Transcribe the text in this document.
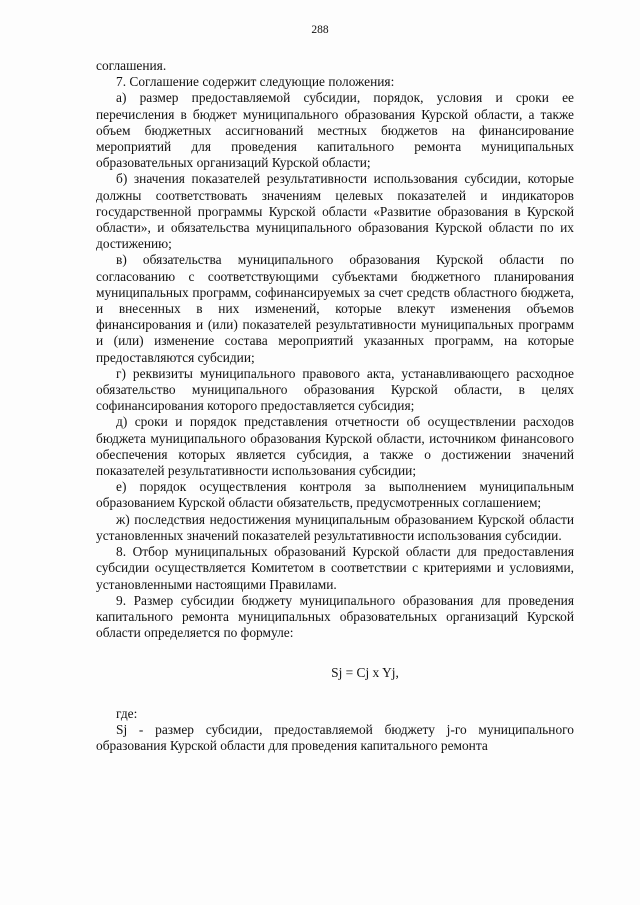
288

соглашения.

7. Соглашение содержит следующие положения:

а) размер предоставляемой субсидии, порядок, условия и сроки ее перечисления в бюджет муниципального образования Курской области, а также объем бюджетных ассигнований местных бюджетов на финансирование мероприятий для проведения капитального ремонта муниципальных образовательных организаций Курской области;

б) значения показателей результативности использования субсидии, которые должны соответствовать значениям целевых показателей и индикаторов государственной программы Курской области «Развитие образования в Курской области», и обязательства муниципального образования Курской области по их достижению;

в) обязательства муниципального образования Курской области по согласованию с соответствующими субъектами бюджетного планирования муниципальных программ, софинансируемых за счет средств областного бюджета, и внесенных в них изменений, которые влекут изменения объемов финансирования и (или) показателей результативности муниципальных программ и (или) изменение состава мероприятий указанных программ, на которые предоставляются субсидии;

г) реквизиты муниципального правового акта, устанавливающего расходное обязательство муниципального образования Курской области, в целях софинансирования которого предоставляется субсидия;

д) сроки и порядок представления отчетности об осуществлении расходов бюджета муниципального образования Курской области, источником финансового обеспечения которых является субсидия, а также о достижении значений показателей результативности использования субсидии;

е) порядок осуществления контроля за выполнением муниципальным образованием Курской области обязательств, предусмотренных соглашением;

ж) последствия недостижения муниципальным образованием Курской области установленных значений показателей результативности использования субсидии.

8. Отбор муниципальных образований Курской области для предоставления субсидии осуществляется Комитетом в соответствии с критериями и условиями, установленными настоящими Правилами.

9. Размер субсидии бюджету муниципального образования для проведения капитального ремонта муниципальных образовательных организаций Курской области определяется по формуле:

Sj = Cj x Yj,

где:

Sj - размер субсидии, предоставляемой бюджету j-го муниципального образования Курской области для проведения капитального ремонта
